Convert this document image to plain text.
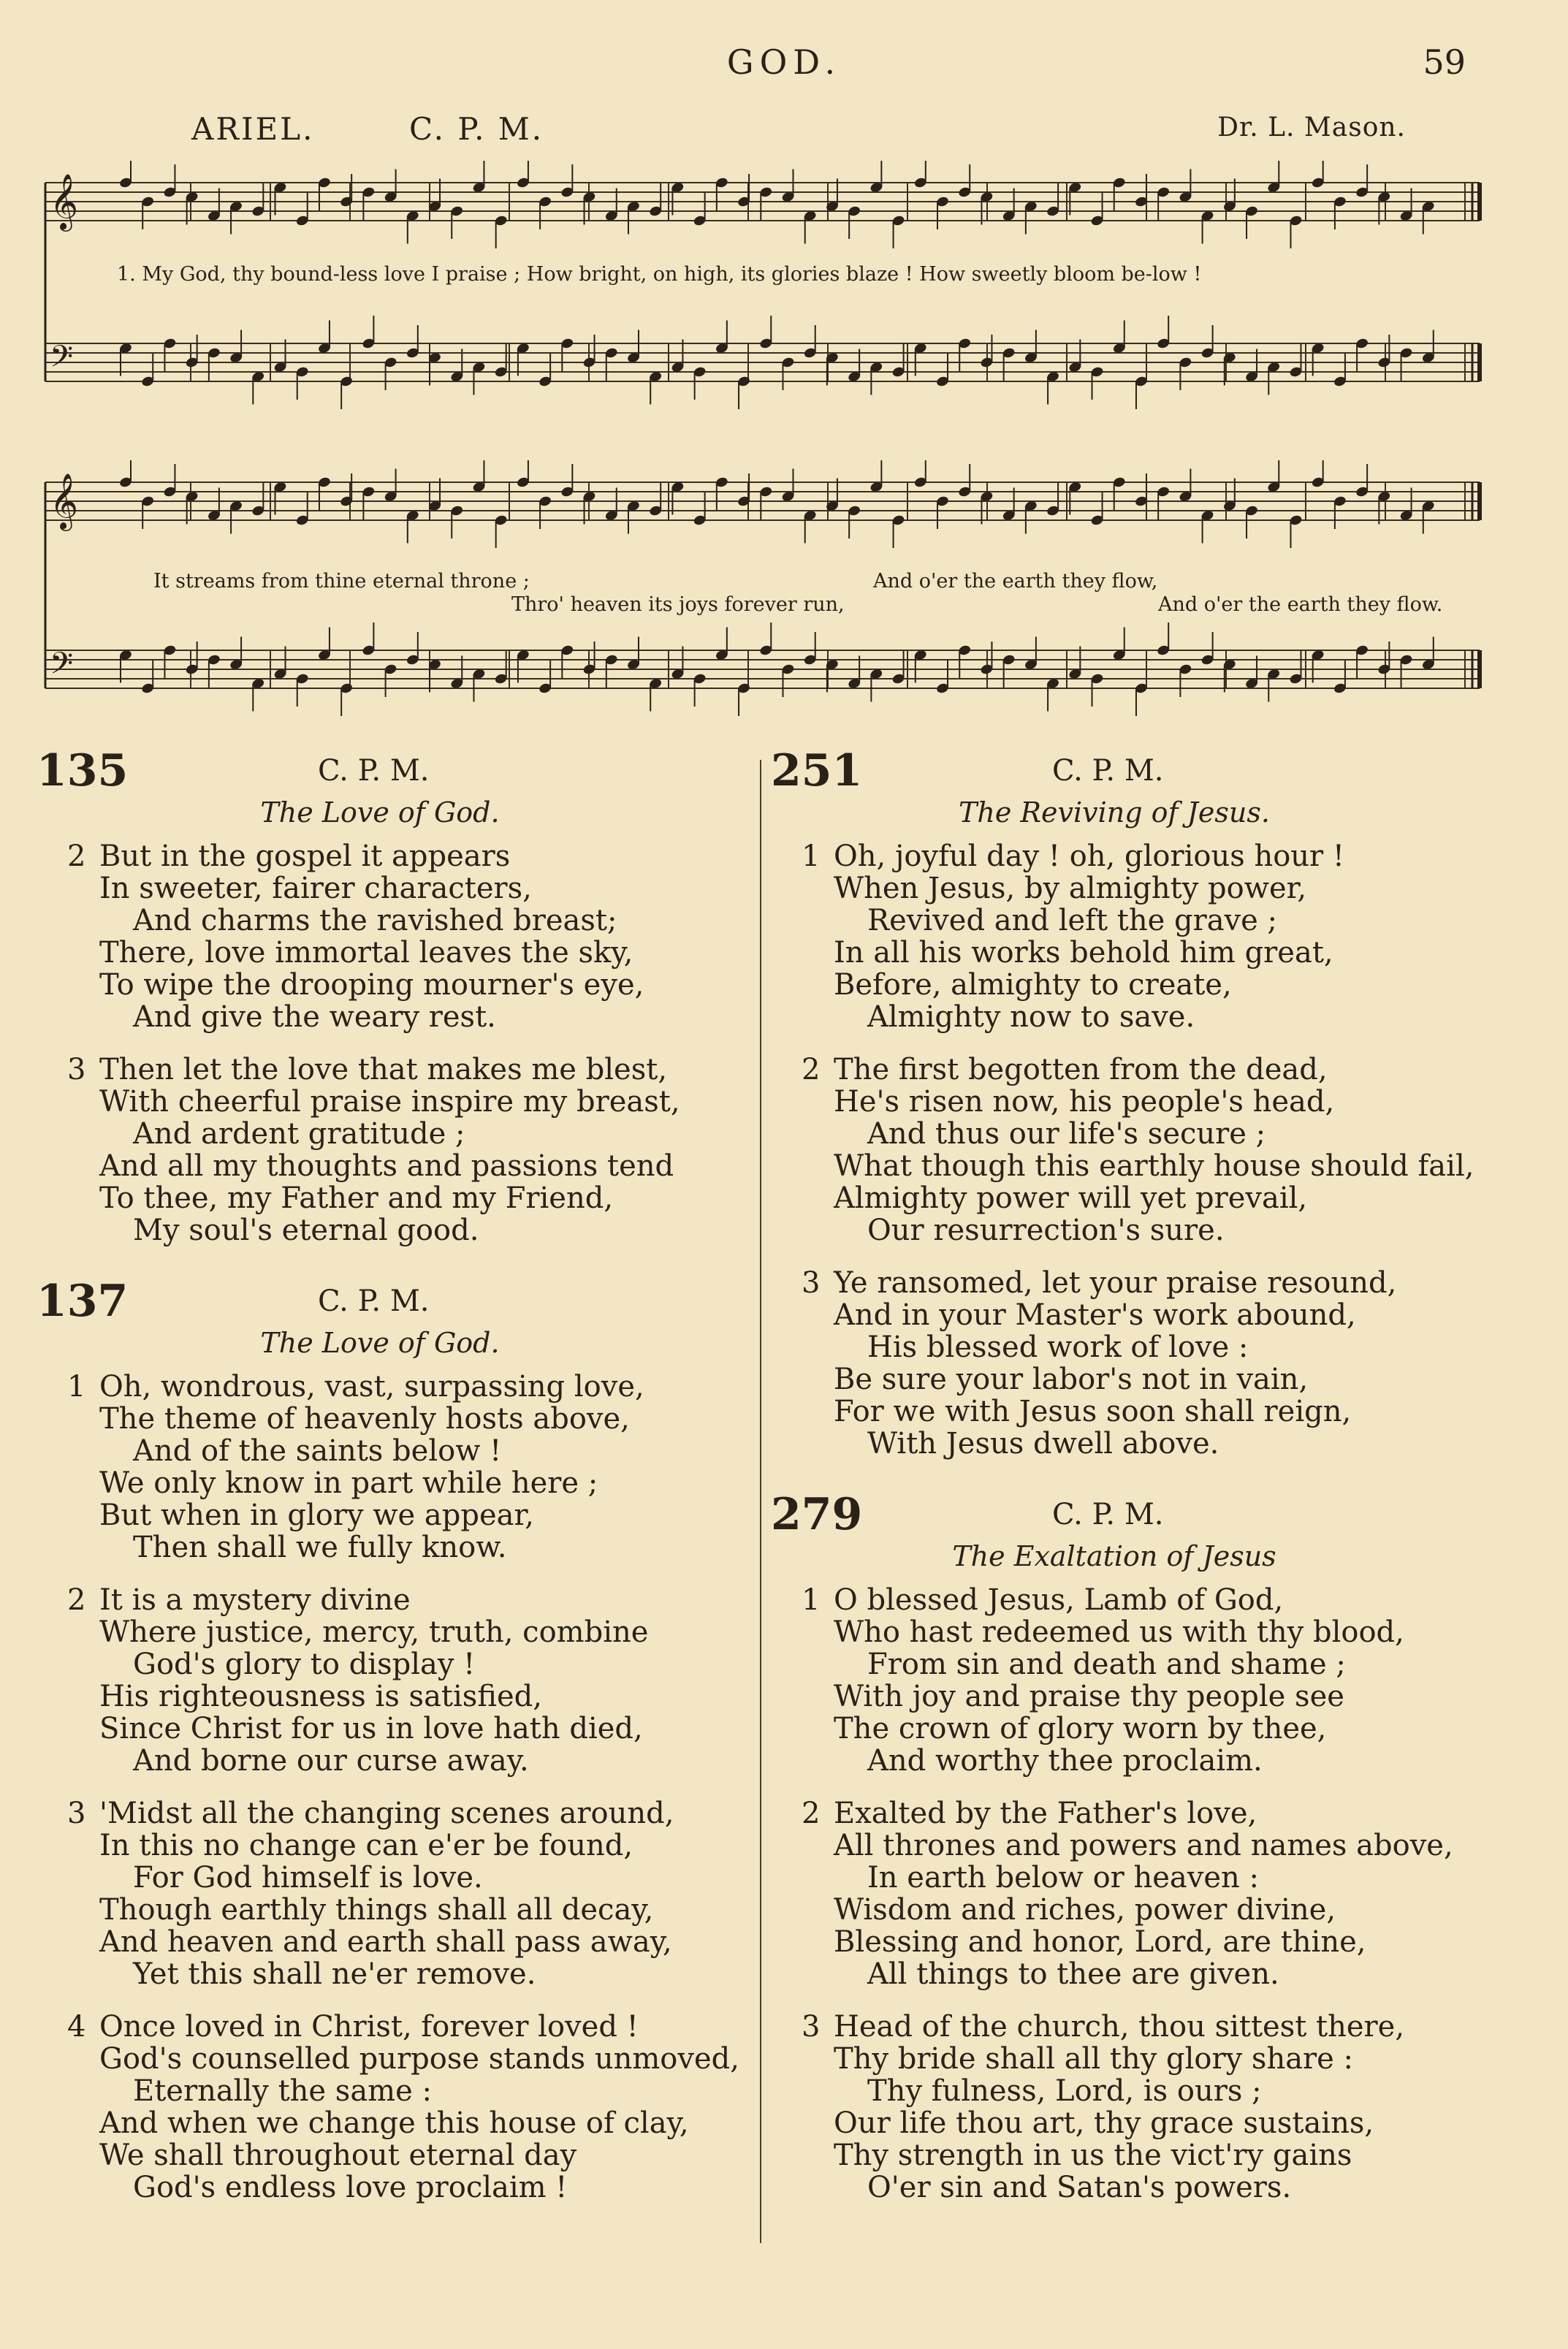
GOD.	59
ARIEL.	C. P. M.	Dr. L. Mason.
𝄞
𝄢
1. My God, thy bound-less love I praise ; How bright, on high, its glories blaze ! How sweetly bloom be-low !
𝄞
𝄢
It streams from thine eternal throne ;
Thro' heaven its joys forever run,
And o'er the earth they flow,
And o'er the earth they flow.
135	C. P. M.
The Love of God.
2 But in the gospel it appears
In sweeter, fairer characters,
And charms the ravished breast;
There, love immortal leaves the sky,
To wipe the drooping mourner's eye,
And give the weary rest.
3 Then let the love that makes me blest,
With cheerful praise inspire my breast,
And ardent gratitude ;
And all my thoughts and passions tend
To thee, my Father and my Friend,
My soul's eternal good.
137	C. P. M.
The Love of God.
1 Oh, wondrous, vast, surpassing love,
The theme of heavenly hosts above,
And of the saints below !
We only know in part while here ;
But when in glory we appear,
Then shall we fully know.
2 It is a mystery divine
Where justice, mercy, truth, combine
God's glory to display !
His righteousness is satisfied,
Since Christ for us in love hath died,
And borne our curse away.
3 'Midst all the changing scenes around,
In this no change can e'er be found,
For God himself is love.
Though earthly things shall all decay,
And heaven and earth shall pass away,
Yet this shall ne'er remove.
4 Once loved in Christ, forever loved !
God's counselled purpose stands unmoved,
Eternally the same :
And when we change this house of clay,
We shall throughout eternal day
God's endless love proclaim !
251	C. P. M.
The Reviving of Jesus.
1 Oh, joyful day ! oh, glorious hour !
When Jesus, by almighty power,
Revived and left the grave ;
In all his works behold him great,
Before, almighty to create,
Almighty now to save.
2 The first begotten from the dead,
He's risen now, his people's head,
And thus our life's secure ;
What though this earthly house should fail,
Almighty power will yet prevail,
Our resurrection's sure.
3 Ye ransomed, let your praise resound,
And in your Master's work abound,
His blessed work of love :
Be sure your labor's not in vain,
For we with Jesus soon shall reign,
With Jesus dwell above.
279	C. P. M.
The Exaltation of Jesus
1 O blessed Jesus, Lamb of God,
Who hast redeemed us with thy blood,
From sin and death and shame ;
With joy and praise thy people see
The crown of glory worn by thee,
And worthy thee proclaim.
2 Exalted by the Father's love,
All thrones and powers and names above,
In earth below or heaven :
Wisdom and riches, power divine,
Blessing and honor, Lord, are thine,
All things to thee are given.
3 Head of the church, thou sittest there,
Thy bride shall all thy glory share :
Thy fulness, Lord, is ours ;
Our life thou art, thy grace sustains,
Thy strength in us the vict'ry gains
O'er sin and Satan's powers.
